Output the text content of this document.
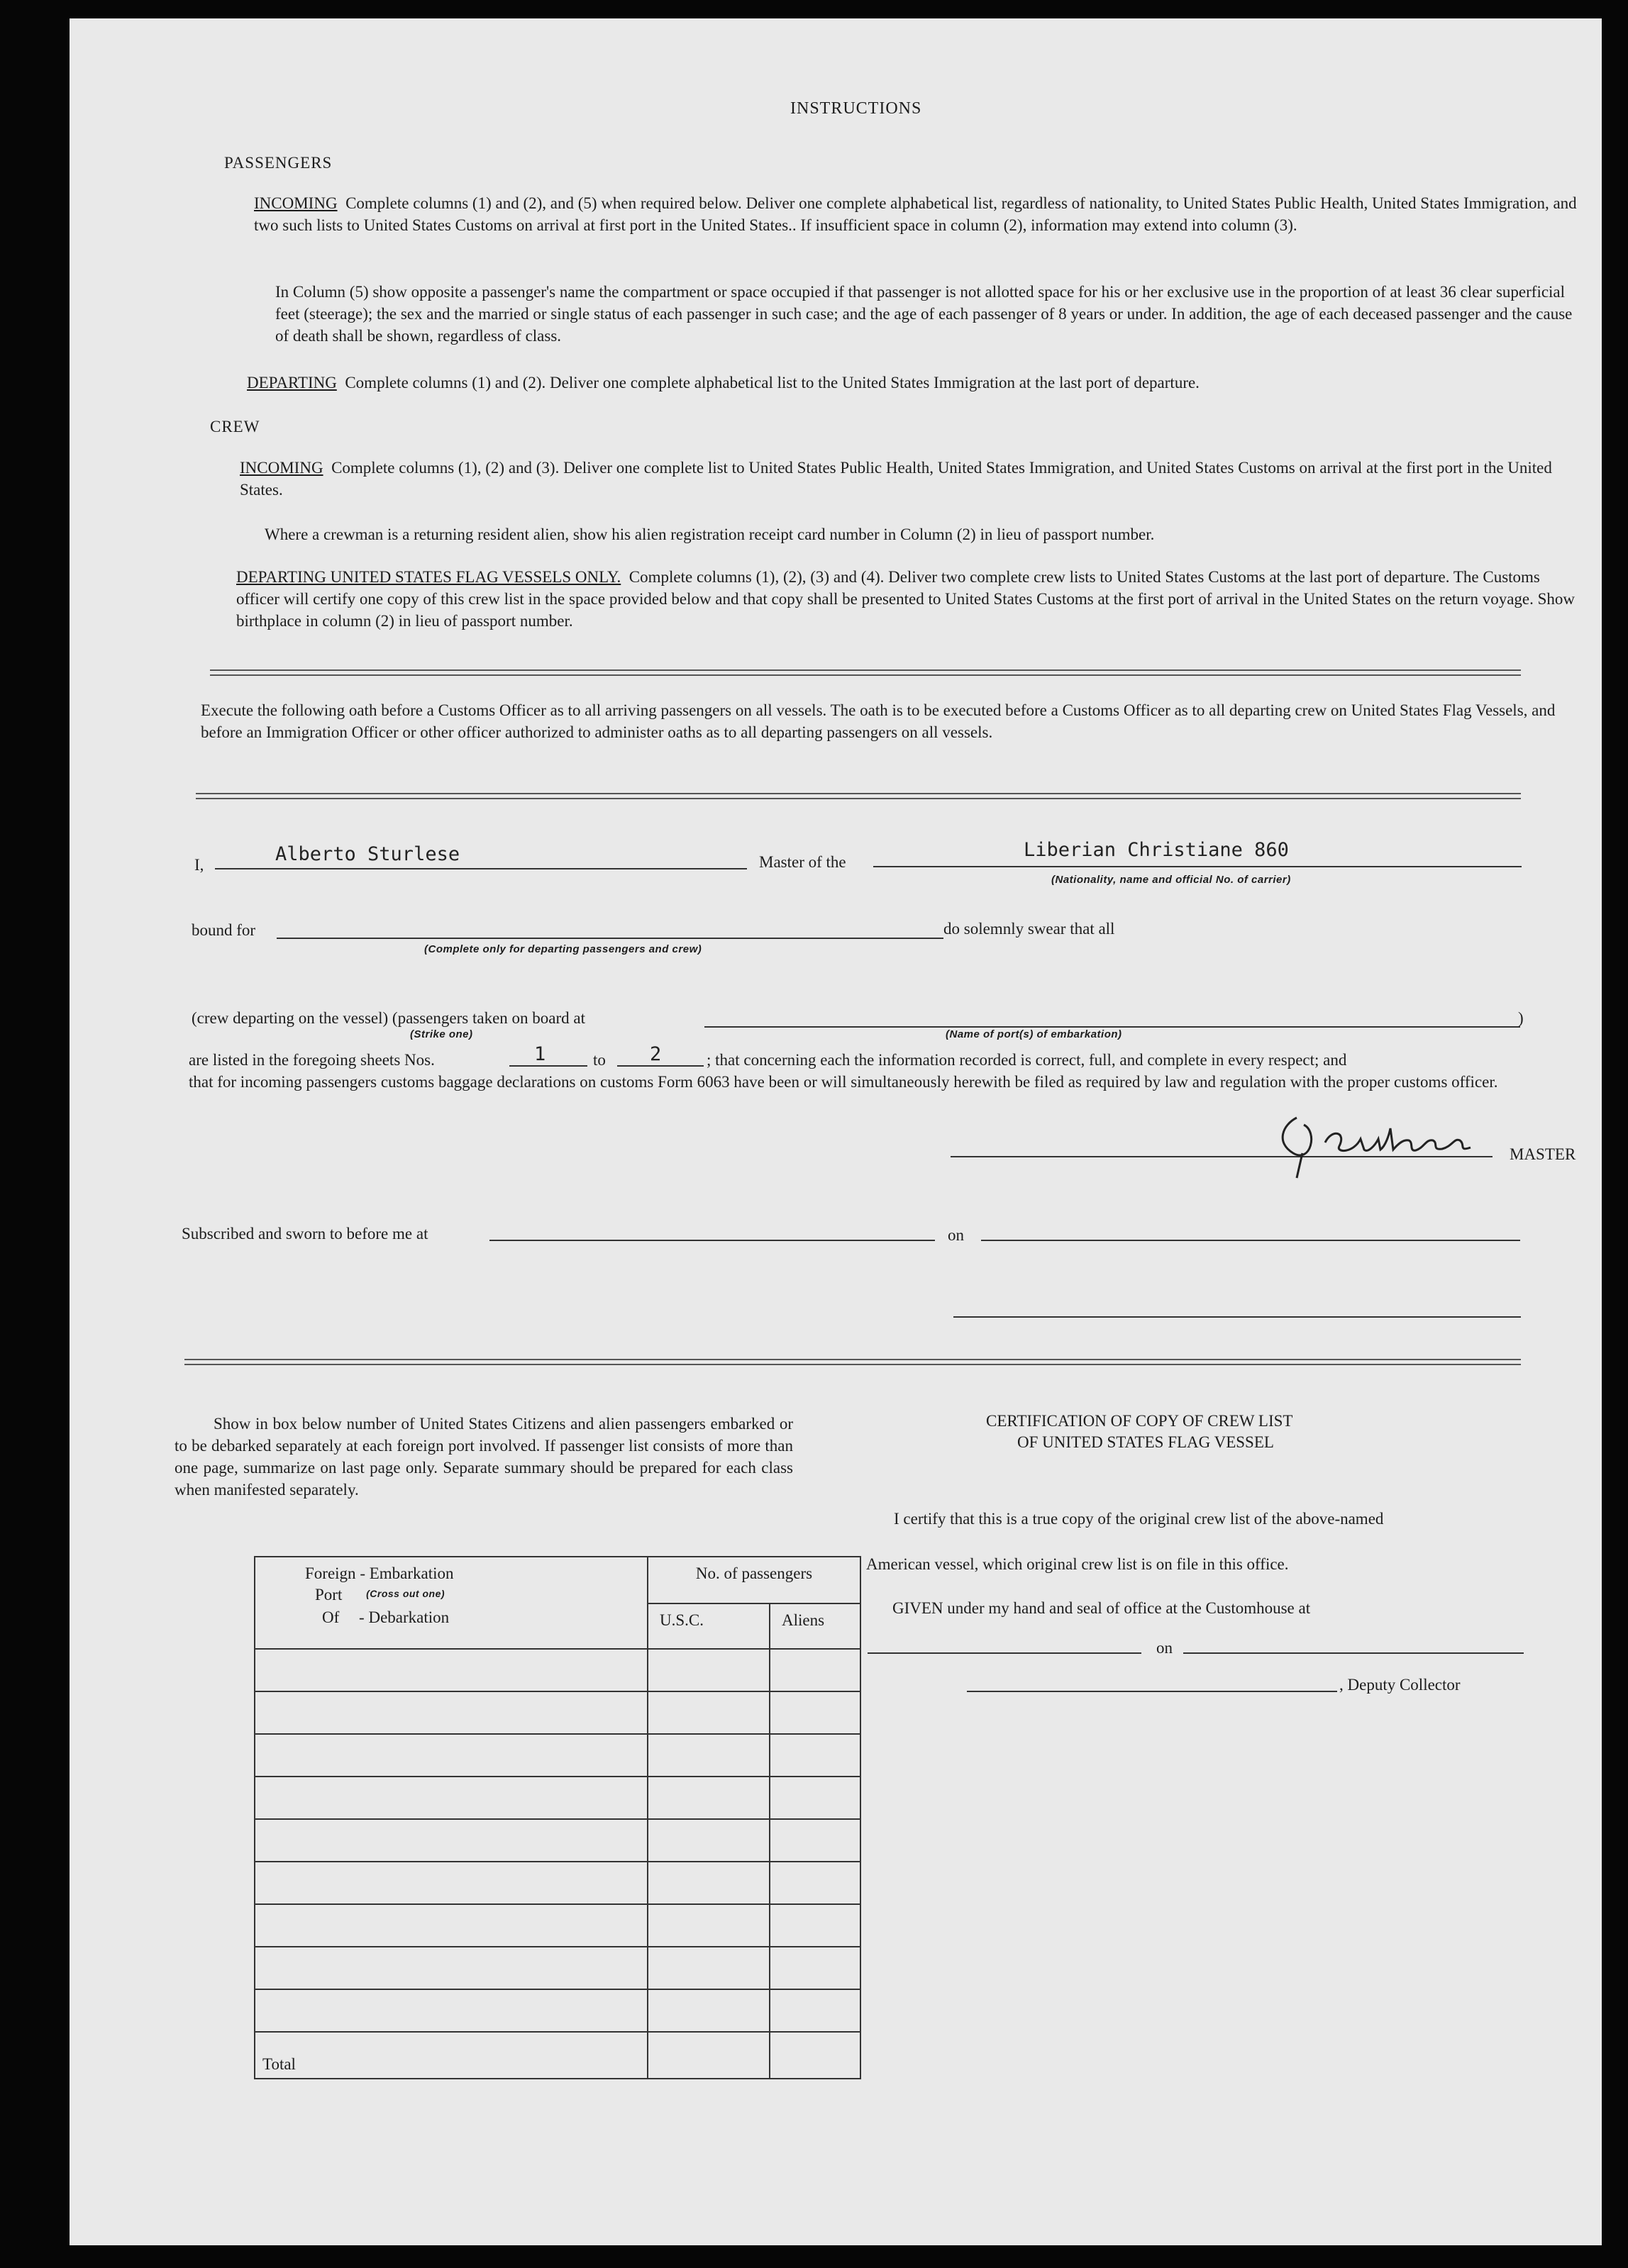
INSTRUCTIONS
PASSENGERS
INCOMING Complete columns (1) and (2), and (5) when required below. Deliver one complete alphabetical list, regardless of nationality, to United States Public Health, United States Immigration, and two such lists to United States Customs on arrival at first port in the United States.. If insufficient space in column (2), information may extend into column (3).
In Column (5) show opposite a passenger's name the compartment or space occupied if that passenger is not allotted space for his or her exclusive use in the proportion of at least 36 clear superficial feet (steerage); the sex and the married or single status of each passenger in such case; and the age of each passenger of 8 years or under. In addition, the age of each deceased passenger and the cause of death shall be shown, regardless of class.
DEPARTING Complete columns (1) and (2). Deliver one complete alphabetical list to the United States Immigration at the last port of departure.
CREW
INCOMING Complete columns (1), (2) and (3). Deliver one complete list to United States Public Health, United States Immigration, and United States Customs on arrival at the first port in the United States.
Where a crewman is a returning resident alien, show his alien registration receipt card number in Column (2) in lieu of passport number.
DEPARTING UNITED STATES FLAG VESSELS ONLY. Complete columns (1), (2), (3) and (4). Deliver two complete crew lists to United States Customs at the last port of departure. The Customs officer will certify one copy of this crew list in the space provided below and that copy shall be presented to United States Customs at the first port of arrival in the United States on the return voyage. Show birthplace in column (2) in lieu of passport number.
Execute the following oath before a Customs Officer as to all arriving passengers on all vessels. The oath is to be executed before a Customs Officer as to all departing crew on United States Flag Vessels, and before an Immigration Officer or other officer authorized to administer oaths as to all departing passengers on all vessels.
I,	Alberto Sturlese	Master of the
Liberian Christiane 860
(Nationality, name and official No. of carrier)
bound for	do solemnly swear that all
(Complete only for departing passengers and crew)
(crew departing on the vessel) (passengers taken on board at	)
(Strike one)	(Name of port(s) of embarkation)
are listed in the foregoing sheets Nos.	1	to 2	; that concerning each the information recorded is correct, full, and complete in every respect; and
that for incoming passengers customs baggage declarations on customs Form 6063 have been or will simultaneously herewith be filed as required by law and regulation with the proper customs officer.
MASTER
Subscribed and sworn to before me at	on
Show in box below number of United States Citizens and alien passengers embarked or to be debarked separately at each foreign port involved. If passenger list consists of more than one page, summarize on last page only. Separate summary should be prepared for each class when manifested separately.
Foreign - Embarkation
Port (Cross out one)
Of - Debarkation	No. of passengers	
	U.S.C.	Aliens

Total		
CERTIFICATION OF COPY OF CREW LIST
OF UNITED STATES FLAG VESSEL
I certify that this is a true copy of the original crew list of the above-named
American vessel, which original crew list is on file in this office.
GIVEN under my hand and seal of office at the Customhouse at
on
, Deputy Collector
